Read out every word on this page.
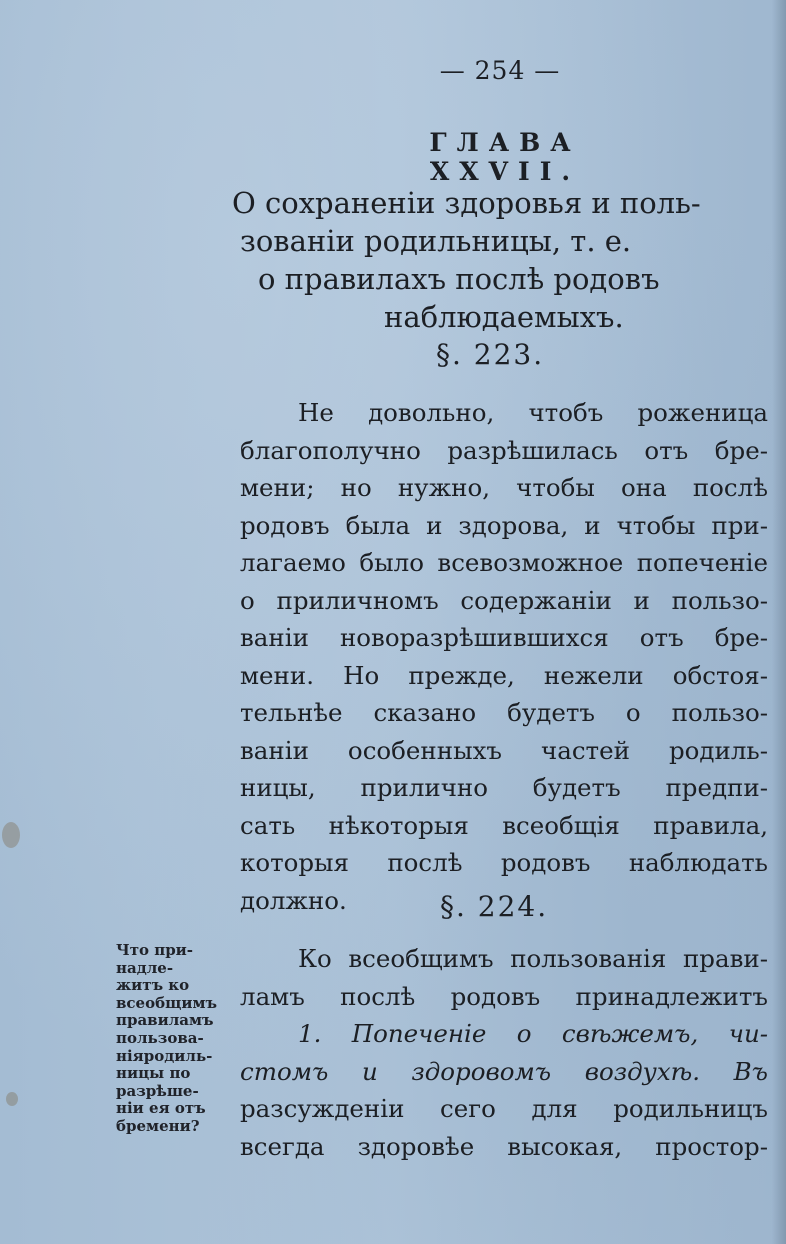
— 254 —
ГЛАВА XXVII.
О сохраненіи здоровья и поль-
зованіи родильницы, т. е.
о правилахъ послѣ родовъ
наблюдаемыхъ.
§. 223.
Не довольно, чтобъ роженица
благополучно разрѣшилась отъ бре-
мени; но нужно, чтобы она послѣ
родовъ была и здорова, и чтобы при-
лагаемо было всевозможное попеченіе
о приличномъ содержаніи и пользо-
ваніи новоразрѣшившихся отъ бре-
мени. Но прежде, нежели обстоя-
тельнѣе сказано будетъ о пользо-
ваніи особенныхъ частей родиль-
ницы, прилично будетъ предпи-
сать нѣкоторыя всеобщія правила,
которыя послѣ родовъ наблюдать
должно.	§. 224.
Что при-
надле-
житъ ко
всеобщимъ
правиламъ
пользова-
ніяродиль-
ницы по
разрѣше-
ніи ея отъ
бремени?
Ко всеобщимъ пользованія прави-
ламъ послѣ родовъ принадлежитъ
1. Попеченіе о свѣжемъ, чи-
стомъ и здоровомъ воздухѣ. Въ
разсужденіи сего для родильницъ
всегда здоровѣе высокая, простор-
